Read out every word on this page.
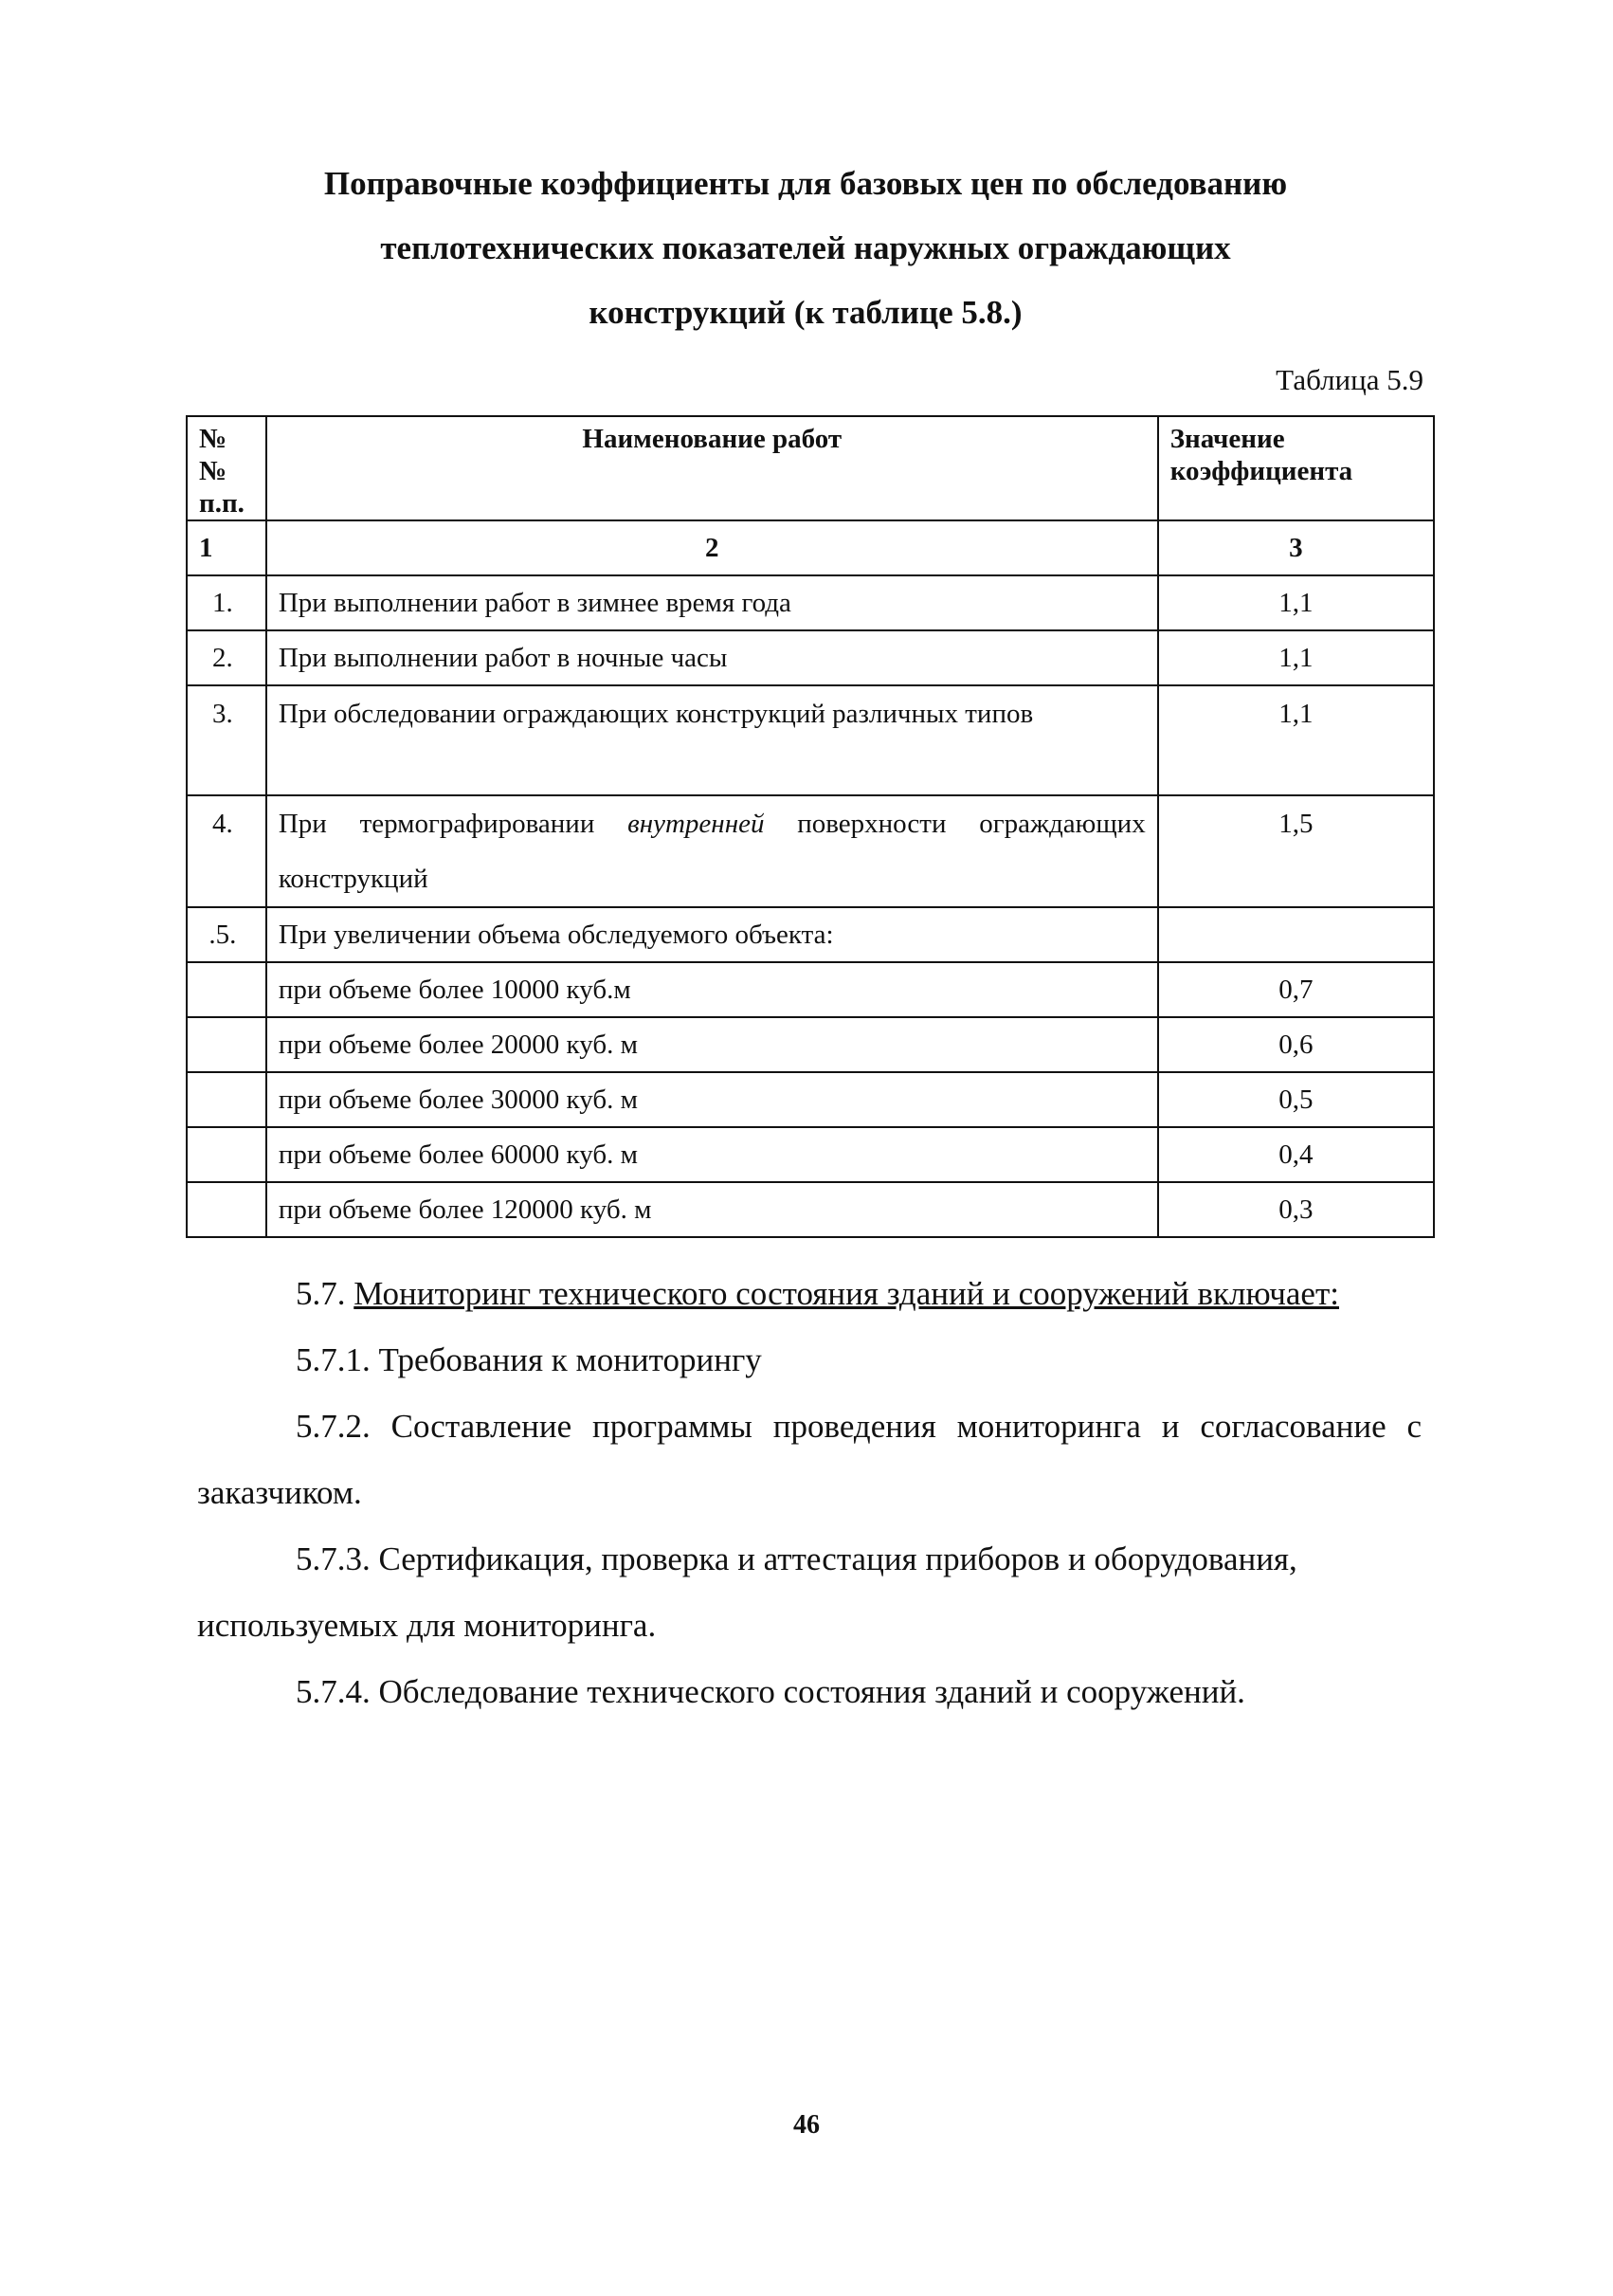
Поправочные коэффициенты для базовых цен по обследованию
теплотехнических показателей наружных ограждающих
конструкций (к таблице 5.8.)
Таблица 5.9
№№ п.п.	Наименование работ	Значение коэффициента
1	2	3
1.	При выполнении работ в зимнее время года	1,1
2.	При выполнении работ в ночные часы	1,1
3.	При обследовании ограждающих конструкций различных типов	1,1
4.	При термографировании внутренней поверхности ограждающих конструкций	1,5
.5.	При увеличении объема обследуемого объекта:	
	при объеме более 10000 куб.м	0,7
	при объеме более 20000 куб. м	0,6
	при объеме более 30000 куб. м	0,5
	при объеме более 60000 куб. м	0,4
	при объеме более 120000 куб. м	0,3

5.7. Мониторинг технического состояния зданий и сооружений включает:

5.7.1. Требования к мониторингу

5.7.2. Составление программы проведения мониторинга и согласование с заказчиком.

5.7.3. Сертификация, проверка и аттестация приборов и оборудования,

используемых для мониторинга.

5.7.4. Обследование технического состояния зданий и сооружений.

46
